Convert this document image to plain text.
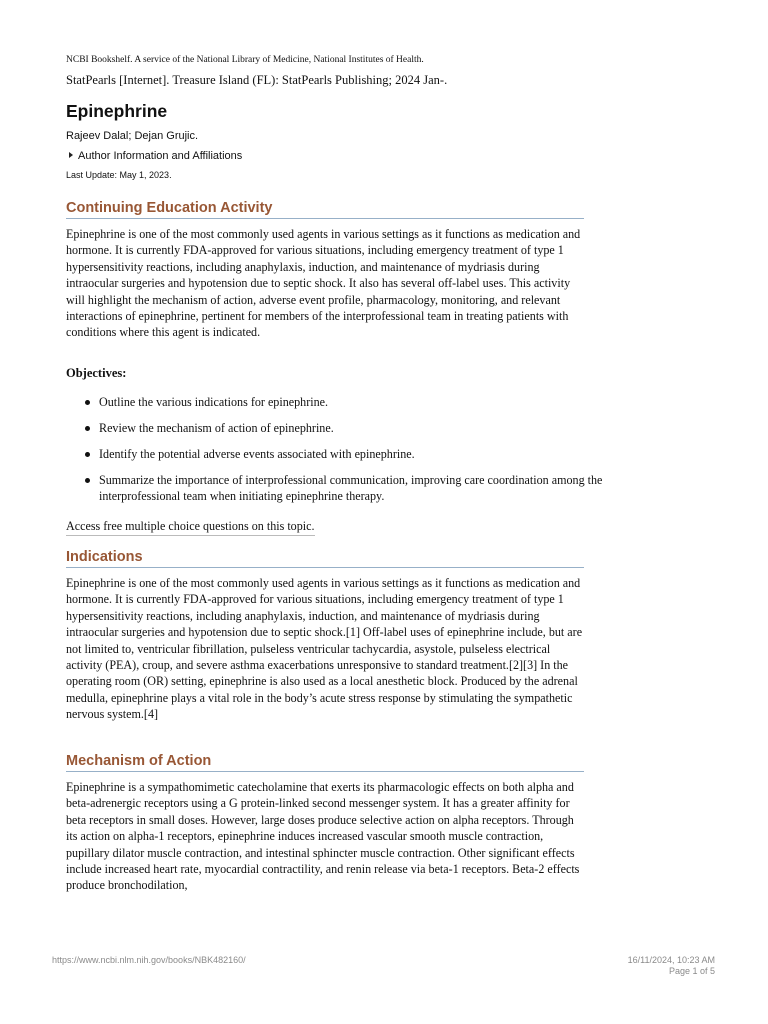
NCBI Bookshelf. A service of the National Library of Medicine, National Institutes of Health.
StatPearls [Internet]. Treasure Island (FL): StatPearls Publishing; 2024 Jan-.
Epinephrine
Rajeev Dalal; Dejan Grujic.
Author Information and Affiliations
Last Update: May 1, 2023.
Continuing Education Activity

Epinephrine is one of the most commonly used agents in various settings as it functions as medication and hormone. It is currently FDA-approved for various situations, including emergency treatment of type 1 hypersensitivity reactions, including anaphylaxis, induction, and maintenance of mydriasis during intraocular surgeries and hypotension due to septic shock. It also has several off-label uses. This activity will highlight the mechanism of action, adverse event profile, pharmacology, monitoring, and relevant interactions of epinephrine, pertinent for members of the interprofessional team in treating patients with conditions where this agent is indicated.

Objectives:
Outline the various indications for epinephrine.
Review the mechanism of action of epinephrine.
Identify the potential adverse events associated with epinephrine.
Summarize the importance of interprofessional communication, improving care coordination among the interprofessional team when initiating epinephrine therapy.
Access free multiple choice questions on this topic.
Indications

Epinephrine is one of the most commonly used agents in various settings as it functions as medication and hormone. It is currently FDA-approved for various situations, including emergency treatment of type 1 hypersensitivity reactions, including anaphylaxis, induction, and maintenance of mydriasis during intraocular surgeries and hypotension due to septic shock.[1] Off-label uses of epinephrine include, but are not limited to, ventricular fibrillation, pulseless ventricular tachycardia, asystole, pulseless electrical activity (PEA), croup, and severe asthma exacerbations unresponsive to standard treatment.[2][3] In the operating room (OR) setting, epinephrine is also used as a local anesthetic block. Produced by the adrenal medulla, epinephrine plays a vital role in the body’s acute stress response by stimulating the sympathetic nervous system.[4]

Mechanism of Action

Epinephrine is a sympathomimetic catecholamine that exerts its pharmacologic effects on both alpha and beta-adrenergic receptors using a G protein-linked second messenger system. It has a greater affinity for beta receptors in small doses. However, large doses produce selective action on alpha receptors. Through its action on alpha-1 receptors, epinephrine induces increased vascular smooth muscle contraction, pupillary dilator muscle contraction, and intestinal sphincter muscle contraction. Other significant effects include increased heart rate, myocardial contractility, and renin release via beta-1 receptors. Beta-2 effects produce bronchodilation,

https://www.ncbi.nlm.nih.gov/books/NBK482160/	16/11/2024, 10:23 AM
Page 1 of 5
